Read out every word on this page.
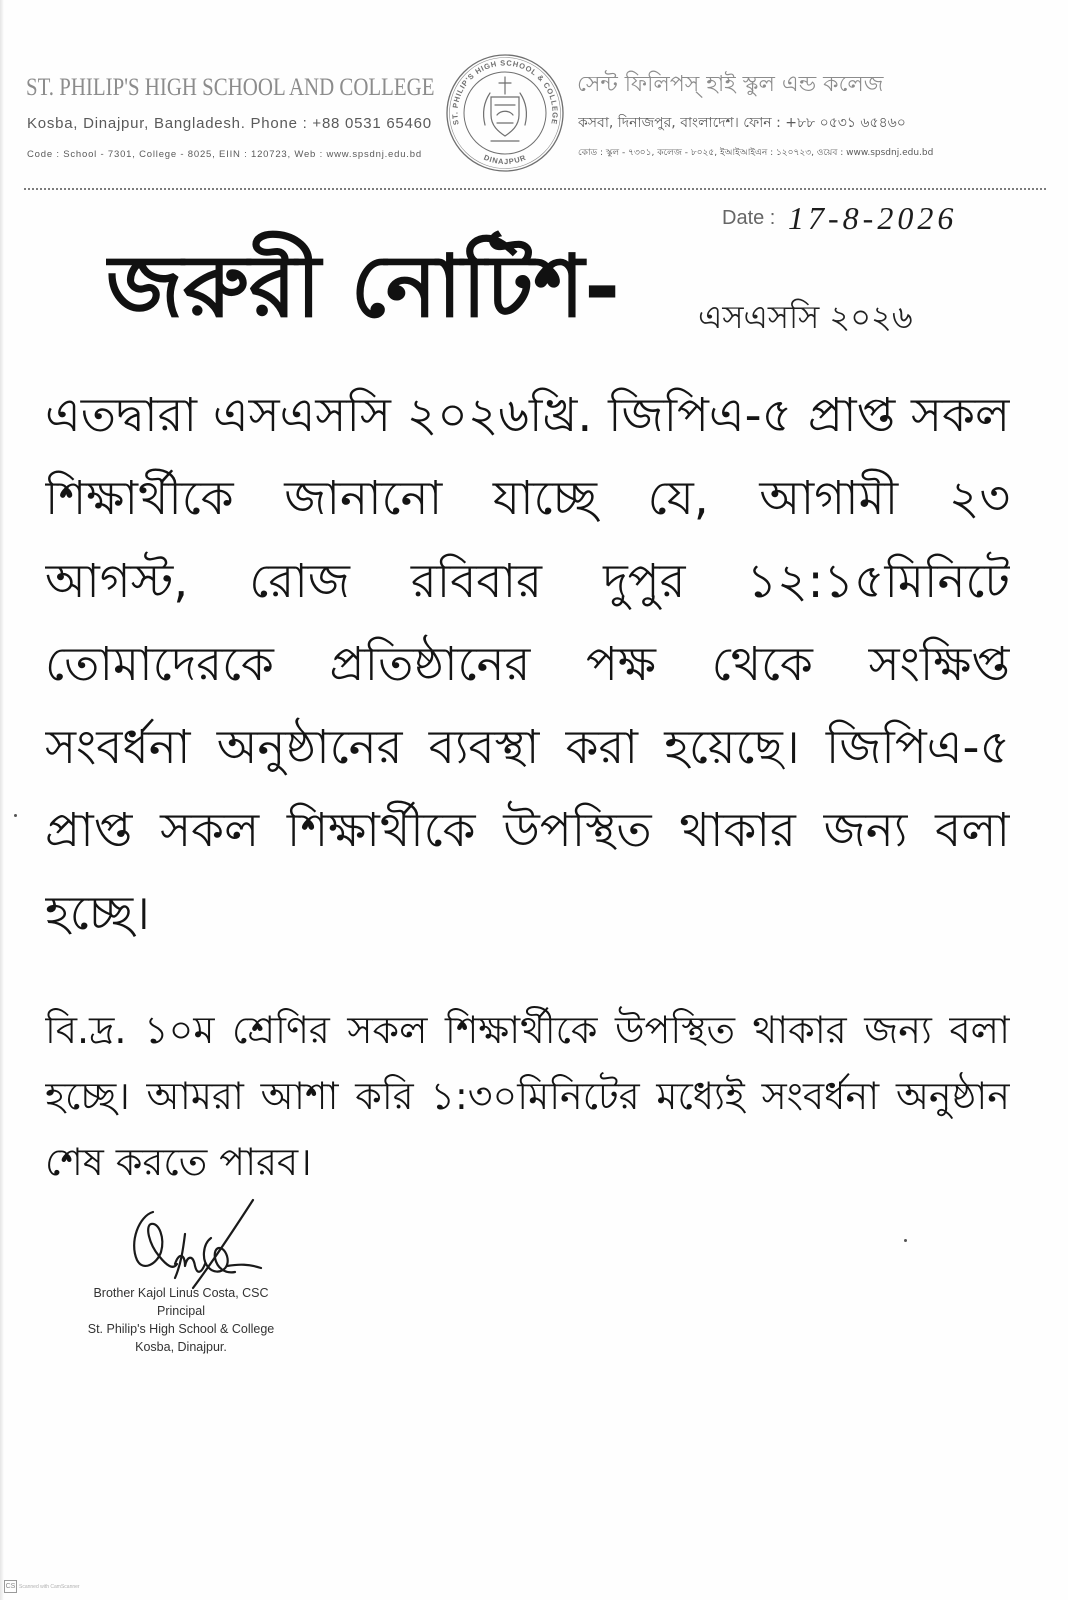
ST. PHILIP'S HIGH SCHOOL AND COLLEGE
Kosba, Dinajpur, Bangladesh. Phone : +88 0531 65460
Code : School - 7301, College - 8025, EIIN : 120723, Web : www.spsdnj.edu.bd
ST. PHILIP'S HIGH SCHOOL & COLLEGE
DINAJPUR
সেন্ট ফিলিপস্ হাই স্কুল এন্ড কলেজ
কসবা, দিনাজপুর, বাংলাদেশ। ফোন : +৮৮ ০৫৩১ ৬৫৪৬০
কোড : স্কুল - ৭৩০১, কলেজ - ৮০২৫, ইআইআইএন : ১২০৭২৩, ওয়েব : www.spsdnj.edu.bd
Date : 17-8-2026
জরুরী নোটিশ-	এসএসসি ২০২৬
এতদ্বারা এসএসসি ২০২৬খ্রি. জিপিএ-৫ প্রাপ্ত সকল
শিক্ষার্থীকে জানানো যাচ্ছে যে, আগামী ২৩
আগস্ট, রোজ রবিবার দুপুর ১২:১৫মিনিটে
তোমাদেরকে প্রতিষ্ঠানের পক্ষ থেকে সংক্ষিপ্ত
সংবর্ধনা অনুষ্ঠানের ব্যবস্থা করা হয়েছে। জিপিএ-৫
প্রাপ্ত সকল শিক্ষার্থীকে উপস্থিত থাকার জন্য বলা
হচ্ছে।
বি.দ্র. ১০ম শ্রেণির সকল শিক্ষার্থীকে উপস্থিত থাকার জন্য বলা
হচ্ছে। আমরা আশা করি ১:৩০মিনিটের মধ্যেই সংবর্ধনা অনুষ্ঠান
শেষ করতে পারব।
Brother Kajol Linus Costa, CSC
Principal
St. Philip's High School & College
Kosba, Dinajpur.
CS Scanned with CamScanner
